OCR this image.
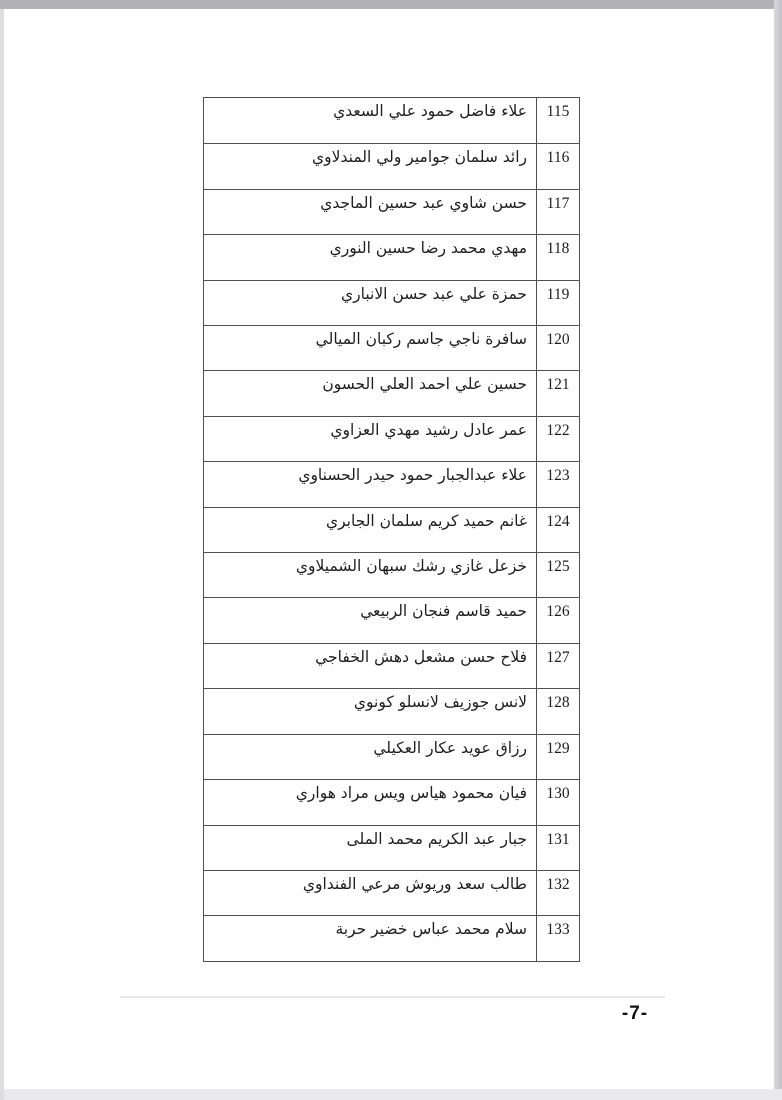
علاء فاضل حمود علي السعدي	115
رائد سلمان جوامير ولي المندلاوي	116
حسن شاوي عبد حسين الماجدي	117
مهدي محمد رضا حسين النوري	118
حمزة علي عبد حسن الانباري	119
سافرة ناجي جاسم ركبان الميالي	120
حسين علي احمد العلي الحسون	121
عمر عادل رشيد مهدي العزاوي	122
علاء عبدالجبار حمود حيدر الحسناوي	123
غانم حميد كريم سلمان الجابري	124
خزعل غازي رشك سبهان الشميلاوي	125
حميد قاسم فنجان الربيعي	126
فلاح حسن مشعل دهش الخفاجي	127
لانس جوزيف لانسلو كونوي	128
رزاق عويد عكار العكيلي	129
فيان محمود هياس ويس مراد هواري	130
جبار عبد الكريم محمد الملى	131
طالب سعد وريوش مرعي الفنداوي	132
سلام محمد عباس خضير حربة	133
-7-
